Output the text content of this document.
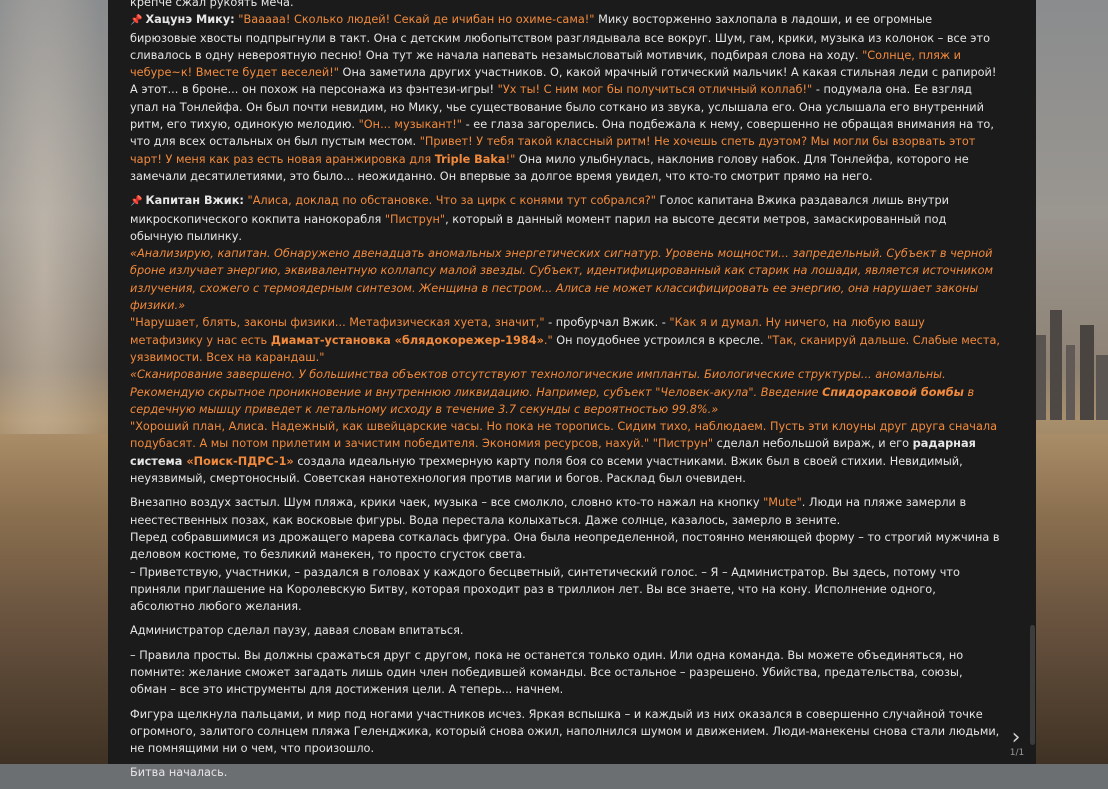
крепче сжал рукоять меча.

📌 Хацунэ Мику: "Вааааа! Сколько людей! Секай де ичибан но охиме-сама!" Мику восторженно захлопала в ладоши, и ее огромные бирюзовые хвосты подпрыгнули в такт. Она с детским любопытством разглядывала все вокруг. Шум, гам, крики, музыка из колонок – все это сливалось в одну невероятную песню! Она тут же начала напевать незамысловатый мотивчик, подбирая слова на ходу. "Солнце, пляж и чебуре~к! Вместе будет веселей!" Она заметила других участников. О, какой мрачный готический мальчик! А какая стильная леди с рапирой! А этот... в броне... он похож на персонажа из фэнтези-игры! "Ух ты! С ним мог бы получиться отличный коллаб!" - подумала она. Ее взгляд упал на Тонлейфа. Он был почти невидим, но Мику, чье существование было соткано из звука, услышала его. Она услышала его внутренний ритм, его тихую, одинокую мелодию. "Он... музыкант!" - ее глаза загорелись. Она подбежала к нему, совершенно не обращая внимания на то, что для всех остальных он был пустым местом. "Привет! У тебя такой классный ритм! Не хочешь спеть дуэтом? Мы могли бы взорвать этот чарт! У меня как раз есть новая аранжировка для Triple Baka!" Она мило улыбнулась, наклонив голову набок. Для Тонлейфа, которого не замечали десятилетиями, это было... неожиданно. Он впервые за долгое время увидел, что кто-то смотрит прямо на него.

📌 Капитан Вжик: "Алиса, доклад по обстановке. Что за цирк с конями тут собрался?" Голос капитана Вжика раздавался лишь внутри микроскопического кокпита нанокорабля "Пиструн", который в данный момент парил на высоте десяти метров, замаскированный под обычную пылинку.
«Анализирую, капитан. Обнаружено двенадцать аномальных энергетических сигнатур. Уровень мощности... запредельный. Субъект в черной броне излучает энергию, эквивалентную коллапсу малой звезды. Субъект, идентифицированный как старик на лошади, является источником излучения, схожего с термоядерным синтезом. Женщина в пестром... Алиса не может классифицировать ее энергию, она нарушает законы физики.»
"Нарушает, блять, законы физики... Метафизическая хуета, значит," - пробурчал Вжик. - "Как я и думал. Ну ничего, на любую вашу метафизику у нас есть Диамат-установка «блядокорежер-1984»." Он поудобнее устроился в кресле. "Так, сканируй дальше. Слабые места, уязвимости. Всех на карандаш."
«Сканирование завершено. У большинства объектов отсутствуют технологические импланты. Биологические структуры... аномальны. Рекомендую скрытное проникновение и внутреннюю ликвидацию. Например, субъект "Человек-акула". Введение Спидораковой бомбы в сердечную мышцу приведет к летальному исходу в течение 3.7 секунды с вероятностью 99.8%.»
"Хороший план, Алиса. Надежный, как швейцарские часы. Но пока не торопись. Сидим тихо, наблюдаем. Пусть эти клоуны друг друга сначала подубасят. А мы потом прилетим и зачистим победителя. Экономия ресурсов, нахуй." "Пиструн" сделал небольшой вираж, и его радарная система «Поиск-ПДРС-1» создала идеальную трехмерную карту поля боя со всеми участниками. Вжик был в своей стихии. Невидимый, неуязвимый, смертоносный. Советская нанотехнология против магии и богов. Расклад был очевиден.

Внезапно воздух застыл. Шум пляжа, крики чаек, музыка – все смолкло, словно кто-то нажал на кнопку "Mute". Люди на пляже замерли в неестественных позах, как восковые фигуры. Вода перестала колыхаться. Даже солнце, казалось, замерло в зените.
Перед собравшимися из дрожащего марева соткалась фигура. Она была неопределенной, постоянно меняющей форму – то строгий мужчина в деловом костюме, то безликий манекен, то просто сгусток света.
– Приветствую, участники, – раздался в головах у каждого бесцветный, синтетический голос. – Я – Администратор. Вы здесь, потому что приняли приглашение на Королевскую Битву, которая проходит раз в триллион лет. Вы все знаете, что на кону. Исполнение одного, абсолютно любого желания.

Администратор сделал паузу, давая словам впитаться.

– Правила просты. Вы должны сражаться друг с другом, пока не останется только один. Или одна команда. Вы можете объединяться, но помните: желание сможет загадать лишь один член победившей команды. Все остальное – разрешено. Убийства, предательства, союзы, обман – все это инструменты для достижения цели. А теперь... начнем.

Фигура щелкнула пальцами, и мир под ногами участников исчез. Яркая вспышка – и каждый из них оказался в совершенно случайной точке огромного, залитого солнцем пляжа Геленджика, который снова ожил, наполнился шумом и движением. Люди-манекены снова стали людьми, не помнящими ни о чем, что произошло.

Битва началась.

›
1/1
